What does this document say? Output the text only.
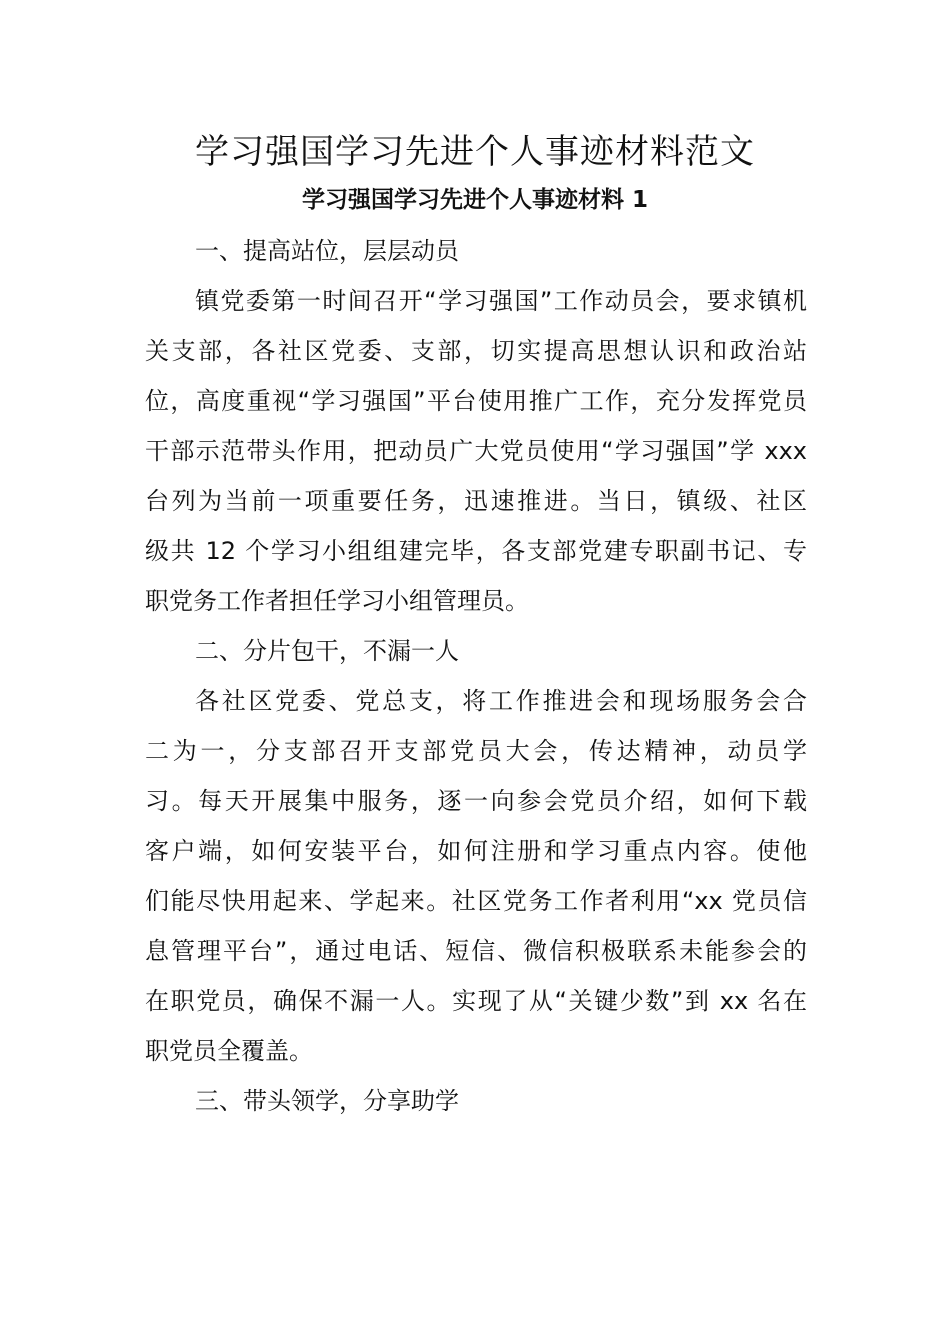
学习强国学习先进个人事迹材料范文
学习强国学习先进个人事迹材料 1

一、提高站位，层层动员

镇党委第一时间召开“学习强国”工作动员会，要求镇机
关支部，各社区党委、支部，切实提高思想认识和政治站
位，高度重视“学习强国”平台使用推广工作，充分发挥党员
干部示范带头作用，把动员广大党员使用“学习强国”学 xxx
台列为当前一项重要任务，迅速推进。当日，镇级、社区
级共 12 个学习小组组建完毕，各支部党建专职副书记、专
职党务工作者担任学习小组管理员。

二、分片包干，不漏一人

各社区党委、党总支，将工作推进会和现场服务会合
二为一，分支部召开支部党员大会，传达精神，动员学
习。每天开展集中服务，逐一向参会党员介绍，如何下载
客户端，如何安装平台，如何注册和学习重点内容。使他
们能尽快用起来、学起来。社区党务工作者利用“xx 党员信
息管理平台”，通过电话、短信、微信积极联系未能参会的
在职党员，确保不漏一人。实现了从“关键少数”到 xx 名在
职党员全覆盖。

三、带头领学，分享助学
